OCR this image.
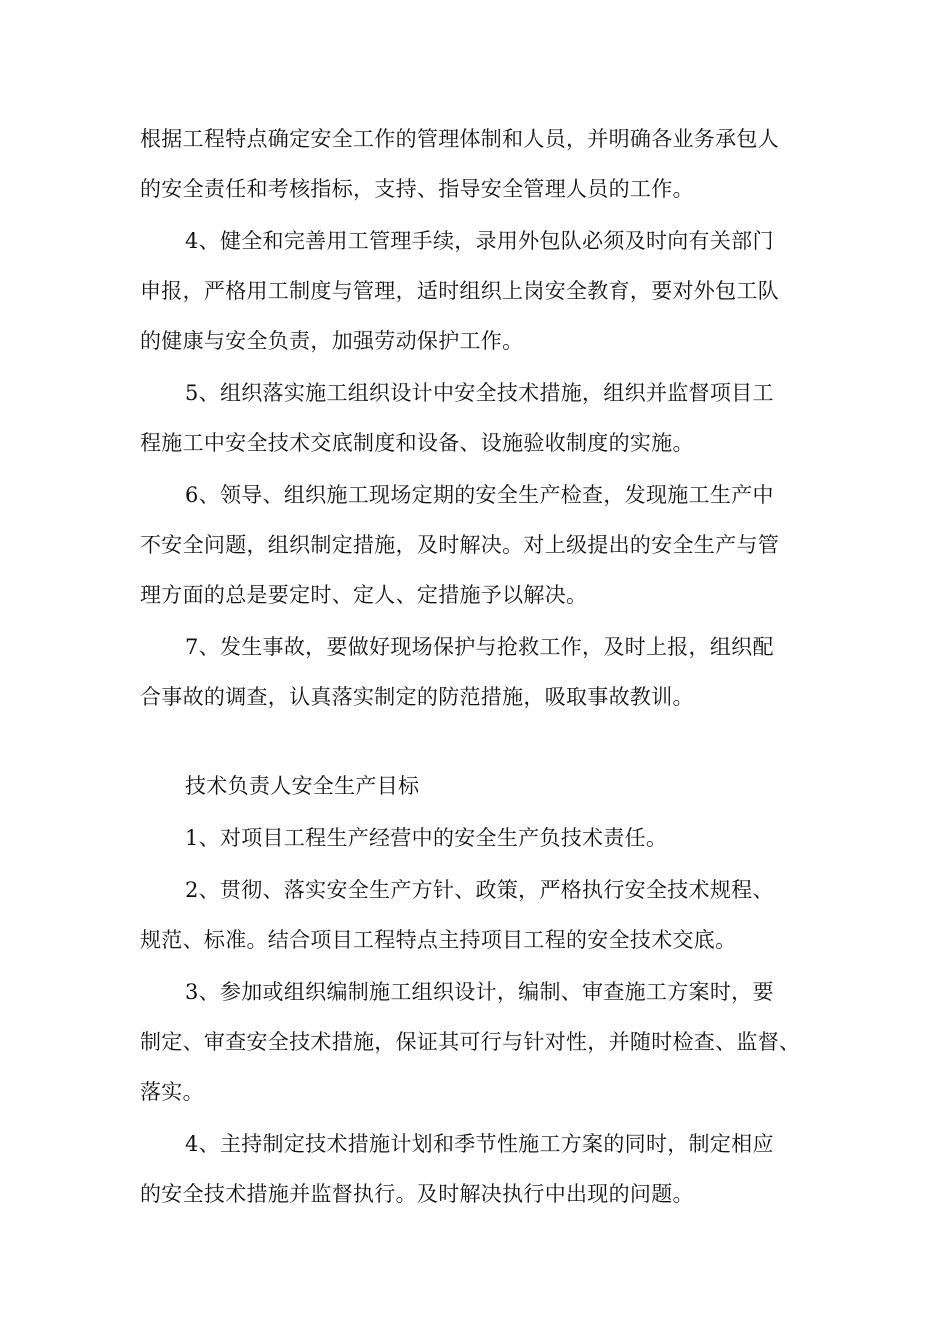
根据工程特点确定安全工作的管理体制和人员，并明确各业务承包人
的安全责任和考核指标，支持、指导安全管理人员的工作。
4、健全和完善用工管理手续，录用外包队必须及时向有关部门
申报，严格用工制度与管理，适时组织上岗安全教育，要对外包工队
的健康与安全负责，加强劳动保护工作。
5、组织落实施工组织设计中安全技术措施，组织并监督项目工
程施工中安全技术交底制度和设备、设施验收制度的实施。
6、领导、组织施工现场定期的安全生产检查，发现施工生产中
不安全问题，组织制定措施，及时解决。对上级提出的安全生产与管
理方面的总是要定时、定人、定措施予以解决。
7、发生事故，要做好现场保护与抢救工作，及时上报，组织配
合事故的调查，认真落实制定的防范措施，吸取事故教训。
技术负责人安全生产目标
1、对项目工程生产经营中的安全生产负技术责任。
2、贯彻、落实安全生产方针、政策，严格执行安全技术规程、
规范、标准。结合项目工程特点主持项目工程的安全技术交底。
3、参加或组织编制施工组织设计，编制、审查施工方案时，要
制定、审查安全技术措施，保证其可行与针对性，并随时检查、监督、
落实。
4、主持制定技术措施计划和季节性施工方案的同时，制定相应
的安全技术措施并监督执行。及时解决执行中出现的问题。
